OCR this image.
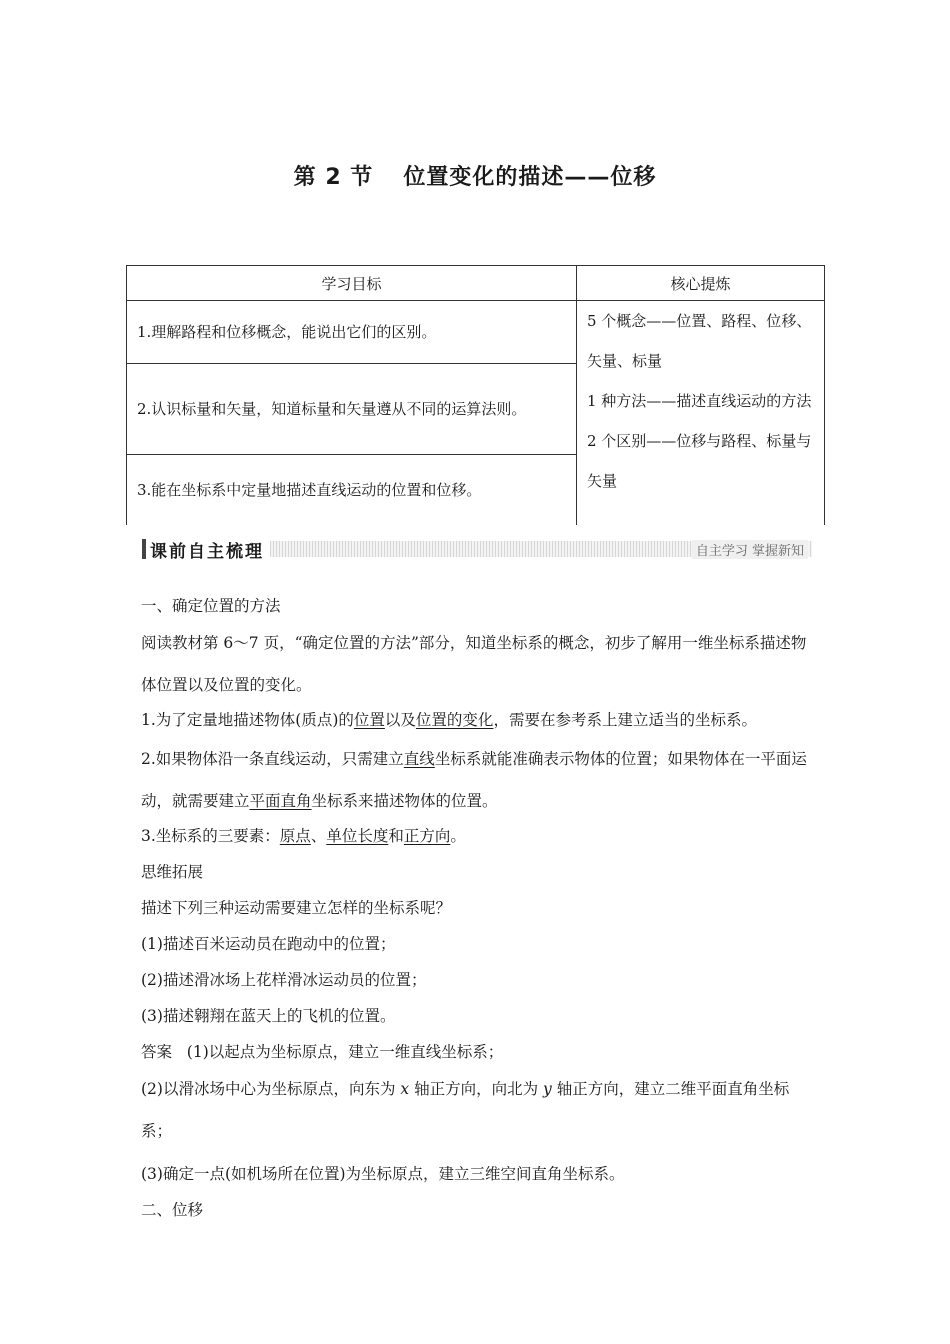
第 2 节 位置变化的描述——位移
学习目标	核心提炼
1.理解路程和位移概念，能说出它们的区别。	5 个概念——位置、路程、位移、矢量、标量
1 种方法——描述直线运动的方法
2 个区别——位移与路程、标量与矢量

2.认识标量和矢量，知道标量和矢量遵从不同的运算法则。	
3.能在坐标系中定量地描述直线运动的位置和位移。	
课前自主梳理	自主学习 掌握新知

一、确定位置的方法

阅读教材第 6～7 页，“确定位置的方法”部分，知道坐标系的概念，初步了解用一维坐标系描述物体位置以及位置的变化。

1.为了定量地描述物体(质点)的位置以及位置的变化，需要在参考系上建立适当的坐标系。

2.如果物体沿一条直线运动，只需建立直线坐标系就能准确表示物体的位置；如果物体在一平面运动，就需要建立平面直角坐标系来描述物体的位置。

3.坐标系的三要素：原点、单位长度和正方向。

思维拓展

描述下列三种运动需要建立怎样的坐标系呢？

(1)描述百米运动员在跑动中的位置；

(2)描述滑冰场上花样滑冰运动员的位置；

(3)描述翱翔在蓝天上的飞机的位置。

答案 (1)以起点为坐标原点，建立一维直线坐标系；

(2)以滑冰场中心为坐标原点，向东为 x 轴正方向，向北为 y 轴正方向，建立二维平面直角坐标系；

(3)确定一点(如机场所在位置)为坐标原点，建立三维空间直角坐标系。

二、位移
